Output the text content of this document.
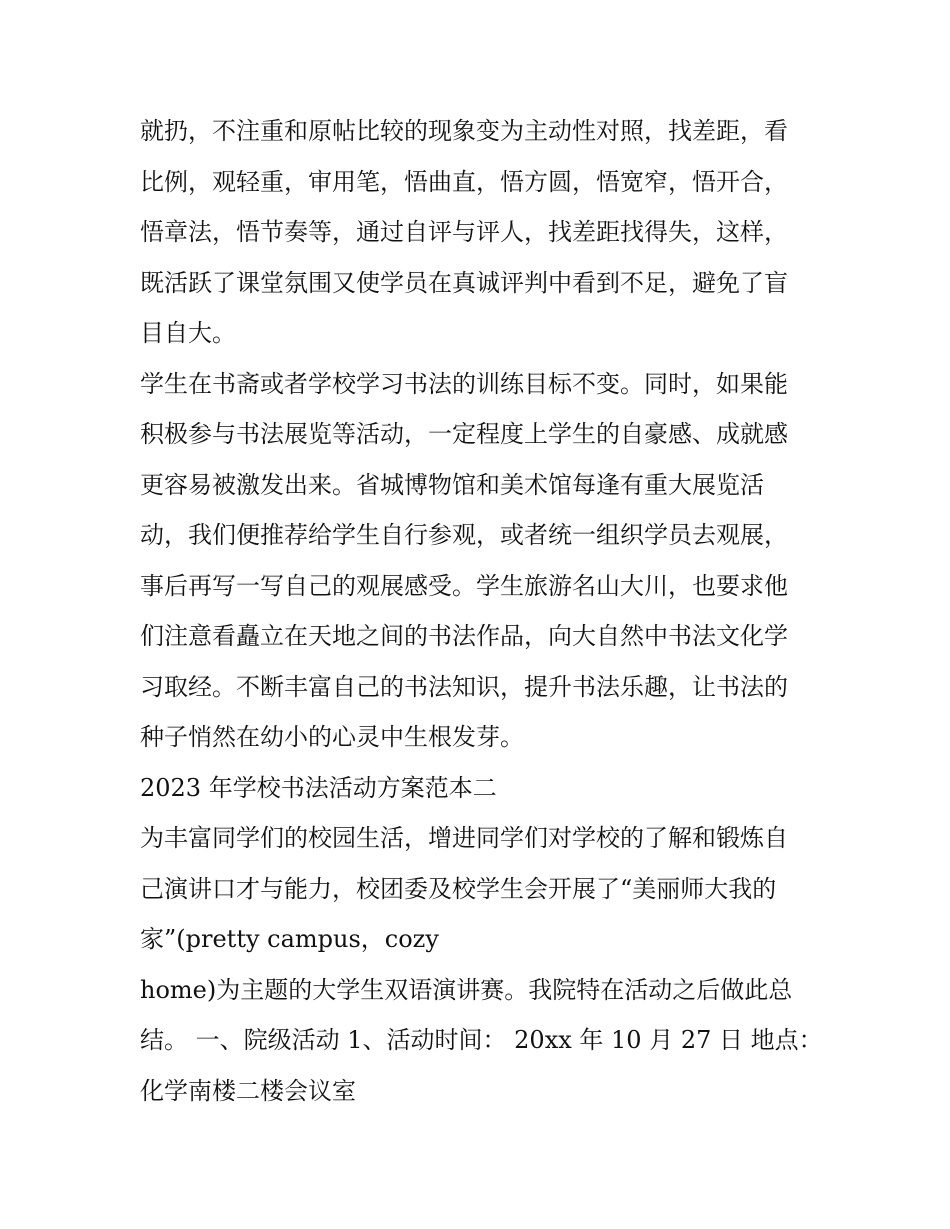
就扔，不注重和原帖比较的现象变为主动性对照，找差距，看
比例，观轻重，审用笔，悟曲直，悟方圆，悟宽窄，悟开合，
悟章法，悟节奏等，通过自评与评人，找差距找得失，这样，
既活跃了课堂氛围又使学员在真诚评判中看到不足，避免了盲
目自大。
学生在书斋或者学校学习书法的训练目标不变。同时，如果能
积极参与书法展览等活动，一定程度上学生的自豪感、成就感
更容易被激发出来。省城博物馆和美术馆每逢有重大展览活
动，我们便推荐给学生自行参观，或者统一组织学员去观展，
事后再写一写自己的观展感受。学生旅游名山大川，也要求他
们注意看矗立在天地之间的书法作品，向大自然中书法文化学
习取经。不断丰富自己的书法知识，提升书法乐趣，让书法的
种子悄然在幼小的心灵中生根发芽。
2023 年学校书法活动方案范本二
为丰富同学们的校园生活，增进同学们对学校的了解和锻炼自
己演讲口才与能力，校团委及校学生会开展了“美丽师大我的
家”(pretty campus，cozy
home)为主题的大学生双语演讲赛。我院特在活动之后做此总
结。 一、院级活动 1、活动时间： 20xx 年 10 月 27 日 地点：
化学南楼二楼会议室
